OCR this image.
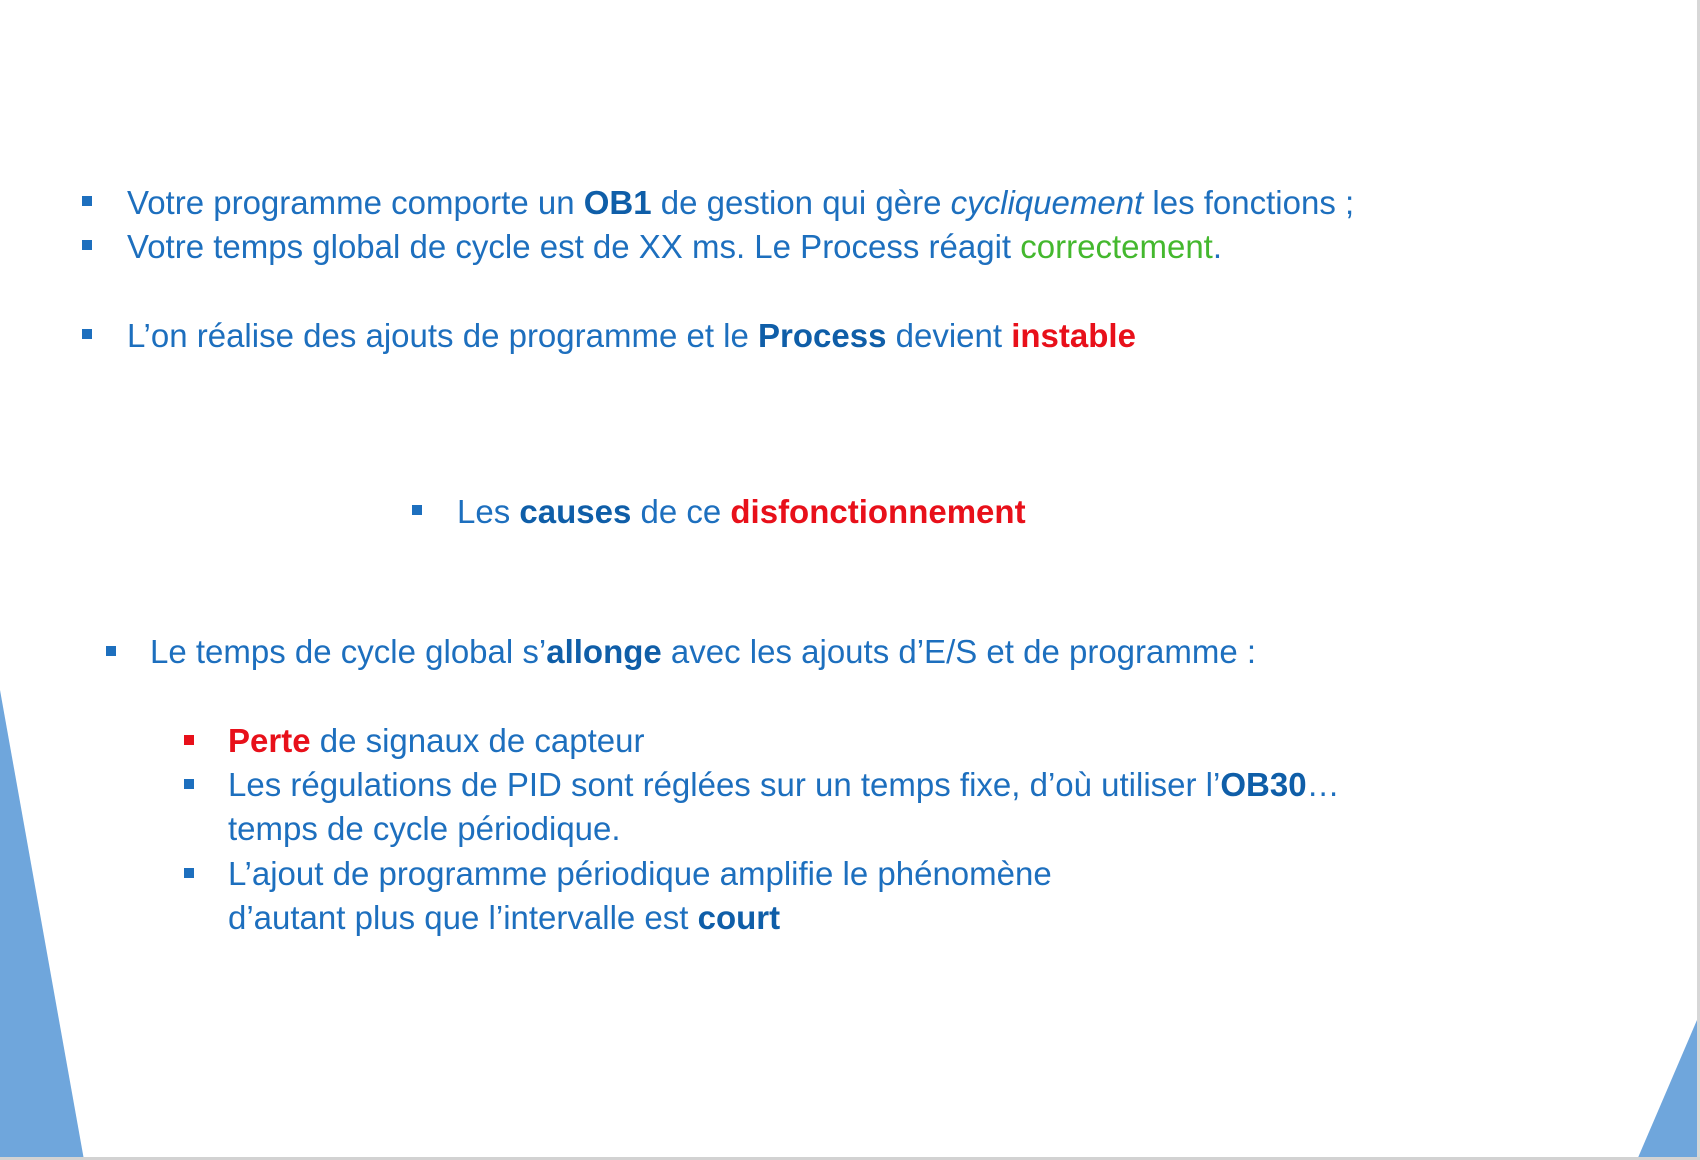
Votre programme comporte un OB1 de gestion qui gère cycliquement les fonctions ;
Votre temps global de cycle est de XX ms. Le Process réagit correctement.
L’on réalise des ajouts de programme et le Process devient instable
Les causes de ce disfonctionnement
Le temps de cycle global s’allonge avec les ajouts d’E/S et de programme :
Perte de signaux de capteur
Les régulations de PID sont réglées sur un temps fixe, d’où utiliser l’OB30…
temps de cycle périodique.
L’ajout de programme périodique amplifie le phénomène
d’autant plus que l’intervalle est court
